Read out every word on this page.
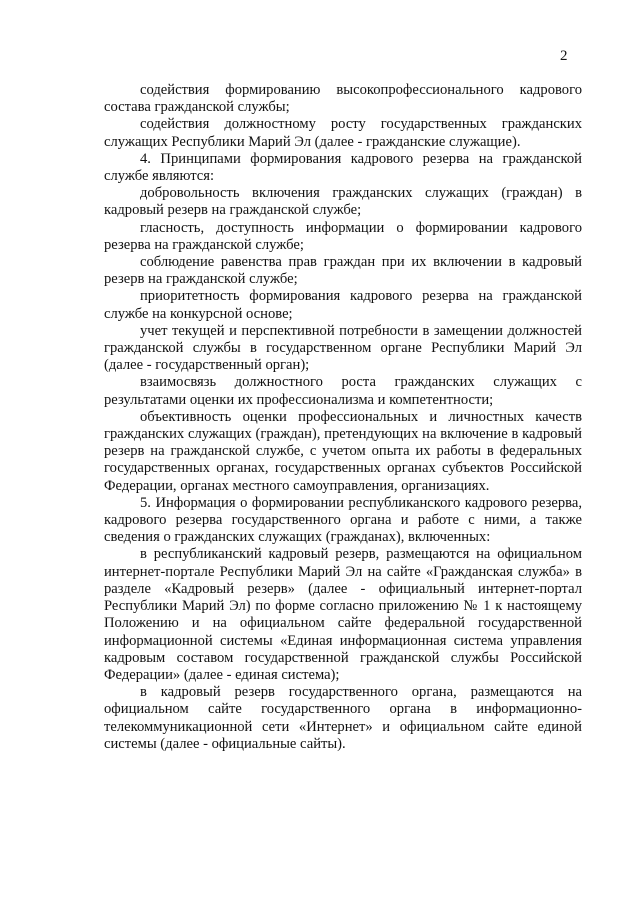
2

содействия формированию высокопрофессионального кадрового состава гражданской службы;

содействия должностному росту государственных гражданских служащих Республики Марий Эл (далее - гражданские служащие).

4. Принципами формирования кадрового резерва на гражданской службе являются:

добровольность включения гражданских служащих (граждан) в кадровый резерв на гражданской службе;

гласность, доступность информации о формировании кадрового резерва на гражданской службе;

соблюдение равенства прав граждан при их включении в кадровый резерв на гражданской службе;

приоритетность формирования кадрового резерва на гражданской службе на конкурсной основе;

учет текущей и перспективной потребности в замещении должностей гражданской службы в государственном органе Республики Марий Эл (далее - государственный орган);

взаимосвязь должностного роста гражданских служащих с результатами оценки их профессионализма и компетентности;

объективность оценки профессиональных и личностных качеств гражданских служащих (граждан), претендующих на включение в кадровый резерв на гражданской службе, с учетом опыта их работы в федеральных государственных органах, государственных органах субъектов Российской Федерации, органах местного самоуправления, организациях.

5. Информация о формировании республиканского кадрового резерва, кадрового резерва государственного органа и работе с ними, а также сведения о гражданских служащих (гражданах), включенных:

в республиканский кадровый резерв, размещаются на официальном интернет-портале Республики Марий Эл на сайте «Гражданская служба» в разделе «Кадровый резерв» (далее - официальный интернет-портал Республики Марий Эл) по форме согласно приложению № 1 к настоящему Положению и на официальном сайте федеральной государственной информационной системы «Единая информационная система управления кадровым составом государственной гражданской службы Российской Федерации» (далее - единая система);

в кадровый резерв государственного органа, размещаются на официальном сайте государственного органа в информационно-телекоммуникационной сети «Интернет» и официальном сайте единой системы (далее - официальные сайты).
